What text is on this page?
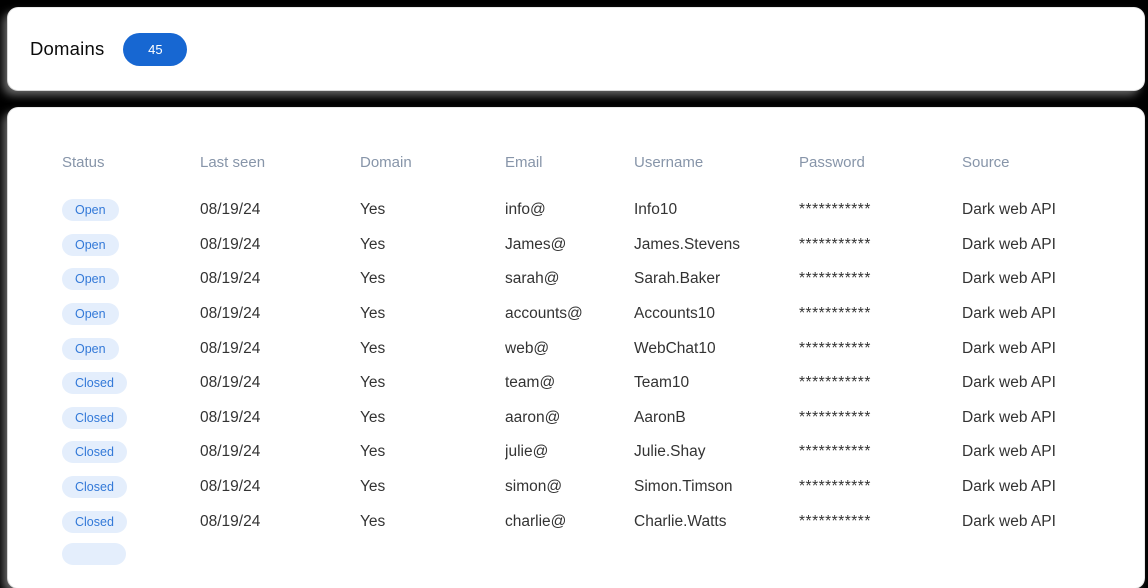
Domains	45
Status	Last seen	Domain	Email	Username	Password	Source
Open	08/19/24	Yes	info@	Info10	***********	Dark web API
Open	08/19/24	Yes	James@	James.Stevens	***********	Dark web API
Open	08/19/24	Yes	sarah@	Sarah.Baker	***********	Dark web API
Open	08/19/24	Yes	accounts@	Accounts10	***********	Dark web API
Open	08/19/24	Yes	web@	WebChat10	***********	Dark web API
Closed	08/19/24	Yes	team@	Team10	***********	Dark web API
Closed	08/19/24	Yes	aaron@	AaronB	***********	Dark web API
Closed	08/19/24	Yes	julie@	Julie.Shay	***********	Dark web API
Closed	08/19/24	Yes	simon@	Simon.Timson	***********	Dark web API
Closed	08/19/24	Yes	charlie@	Charlie.Watts	***********	Dark web API
